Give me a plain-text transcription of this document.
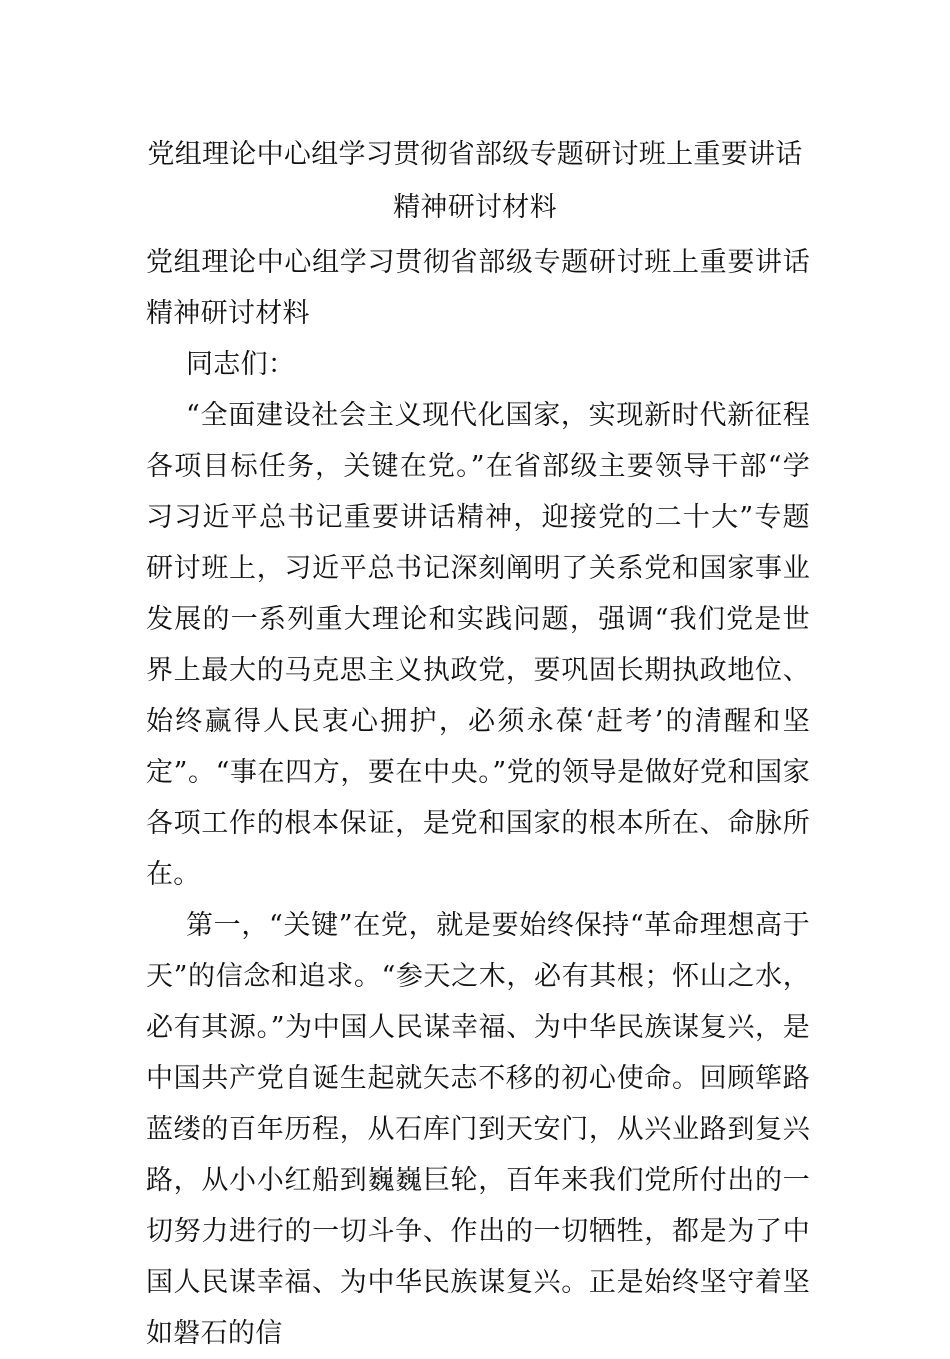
党组理论中心组学习贯彻省部级专题研讨班上重要讲话精神研讨材料

党组理论中心组学习贯彻省部级专题研讨班上重要讲话精神研讨材料

同志们：

“全面建设社会主义现代化国家，实现新时代新征程各项目标任务，关键在党。”在省部级主要领导干部“学习习近平总书记重要讲话精神，迎接党的二十大”专题研讨班上，习近平总书记深刻阐明了关系党和国家事业发展的一系列重大理论和实践问题，强调“我们党是世界上最大的马克思主义执政党，要巩固长期执政地位、始终赢得人民衷心拥护，必须永葆‘赶考’的清醒和坚定”。“事在四方，要在中央。”党的领导是做好党和国家各项工作的根本保证，是党和国家的根本所在、命脉所在。

第一，“关键”在党，就是要始终保持“革命理想高于天”的信念和追求。“参天之木，必有其根；怀山之水，必有其源。”为中国人民谋幸福、为中华民族谋复兴，是中国共产党自诞生起就矢志不移的初心使命。回顾筚路蓝缕的百年历程，从石库门到天安门，从兴业路到复兴路，从小小红船到巍巍巨轮，百年来我们党所付出的一切努力进行的一切斗争、作出的一切牺牲，都是为了中国人民谋幸福、为中华民族谋复兴。正是始终坚守着坚如磐石的信
